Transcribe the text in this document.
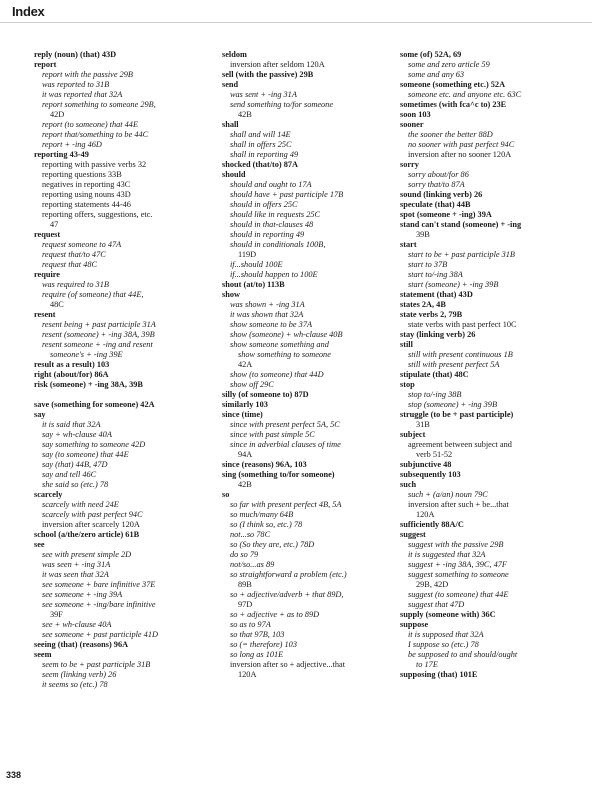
Index
reply (noun) (that) 43D
report
report with the passive 29B
was reported to 31B
it was reported that 32A
report something to someone 29B,
42D
report (to someone) that 44E
report that/something to be 44C
report + -ing 46D
reporting 43-49
reporting with passive verbs 32
reporting questions 33B
negatives in reporting 43C
reporting using nouns 43D
reporting statements 44-46
reporting offers, suggestions, etc.
47
request
request someone to 47A
request that/to 47C
request that 48C
require
was required to 31B
require (of someone) that 44E,
48C
resent
resent being + past participle 31A
resent (someone) + -ing 38A, 39B
resent someone + -ing and resent
someone's + -ing 39E
result as a result) 103
right (about/for) 86A
risk (someone) + -ing 38A, 39B
save (something for someone) 42A
say
it is said that 32A
say + wh-clause 40A
say something to someone 42D
say (to someone) that 44E
say (that) 44B, 47D
say and tell 46C
she said so (etc.) 78
scarcely
scarcely with need 24E
scarcely with past perfect 94C
inversion after scarcely 120A
school (a/the/zero article) 61B
see
see with present simple 2D
was seen + -ing 31A
it was seen that 32A
see someone + bare infinitive 37E
see someone + -ing 39A
see someone + -ing/bare infinitive
39F
see + wh-clause 40A
see someone + past participle 41D
seeing (that) (reasons) 96A
seem
seem to be + past participle 31B
seem (linking verb) 26
it seems so (etc.) 78
seldom
inversion after seldom 120A
sell (with the passive) 29B
send
was sent + -ing 31A
send something to/for someone
42B
shall
shall and will 14E
shall in offers 25C
shall in reporting 49
shocked (that/to) 87A
should
should and ought to 17A
should have + past participle 17B
should in offers 25C
should like in requests 25C
should in that-clauses 48
should in reporting 49
should in conditionals 100B,
119D
if...should 100E
if...should happen to 100E
shout (at/to) 113B
show
was shown + -ing 31A
it was shown that 32A
show someone to be 37A
show (someone) + wh-clause 40B
show someone something and
show something to someone
42A
show (to someone) that 44D
show off 29C
silly (of someone to) 87D
similarly 103
since (time)
since with present perfect 5A, 5C
since with past simple 5C
since in adverbial clauses of time
94A
since (reasons) 96A, 103
sing (something to/for someone)
42B
so
so far with present perfect 4B, 5A
so much/many 64B
so (I think so, etc.) 78
not...so 78C
so (So they are, etc.) 78D
do so 79
not/so...as 89
so straightforward a problem (etc.)
89B
so + adjective/adverb + that 89D,
97D
so + adjective + as to 89D
so as to 97A
so that 97B, 103
so (= therefore) 103
so long as 101E
inversion after so + adjective...that
120A
some (of) 52A, 69
some and zero article 59
some and any 63
someone (something etc.) 52A
someone etc. and anyone etc. 63C
sometimes (with fca^c to) 23E
soon 103
sooner
the sooner the better 88D
no sooner with past perfect 94C
inversion after no sooner 120A
sorry
sorry about/for 86
sorry that/to 87A
sound (linking verb) 26
speculate (that) 44B
spot (someone + -ing) 39A
stand can't stand (someone) + -ing
39B
start
start to be + past participle 31B
start to 37B
start to/-ing 38A
start (someone) + -ing 39B
statement (that) 43D
states 2A, 4B
state verbs 2, 79B
state verbs with past perfect 10C
stay (linking verb) 26
still
still with present continuous 1B
still with present perfect 5A
stipulate (that) 48C
stop
stop to/-ing 38B
stop (someone) + -ing 39B
struggle (to be + past participle)
31B
subject
agreement between subject and
verb 51-52
subjunctive 48
subsequently 103
such
such + (a/an) noun 79C
inversion after such + be...that
120A
sufficiently 88A/C
suggest
suggest with the passive 29B
it is suggested that 32A
suggest + -ing 38A, 39C, 47F
suggest something to someone
29B, 42D
suggest (to someone) that 44E
suggest that 47D
supply (someone with) 36C
suppose
it is supposed that 32A
I suppose so (etc.) 78
be supposed to and should/ought
to 17E
supposing (that) 101E
338
